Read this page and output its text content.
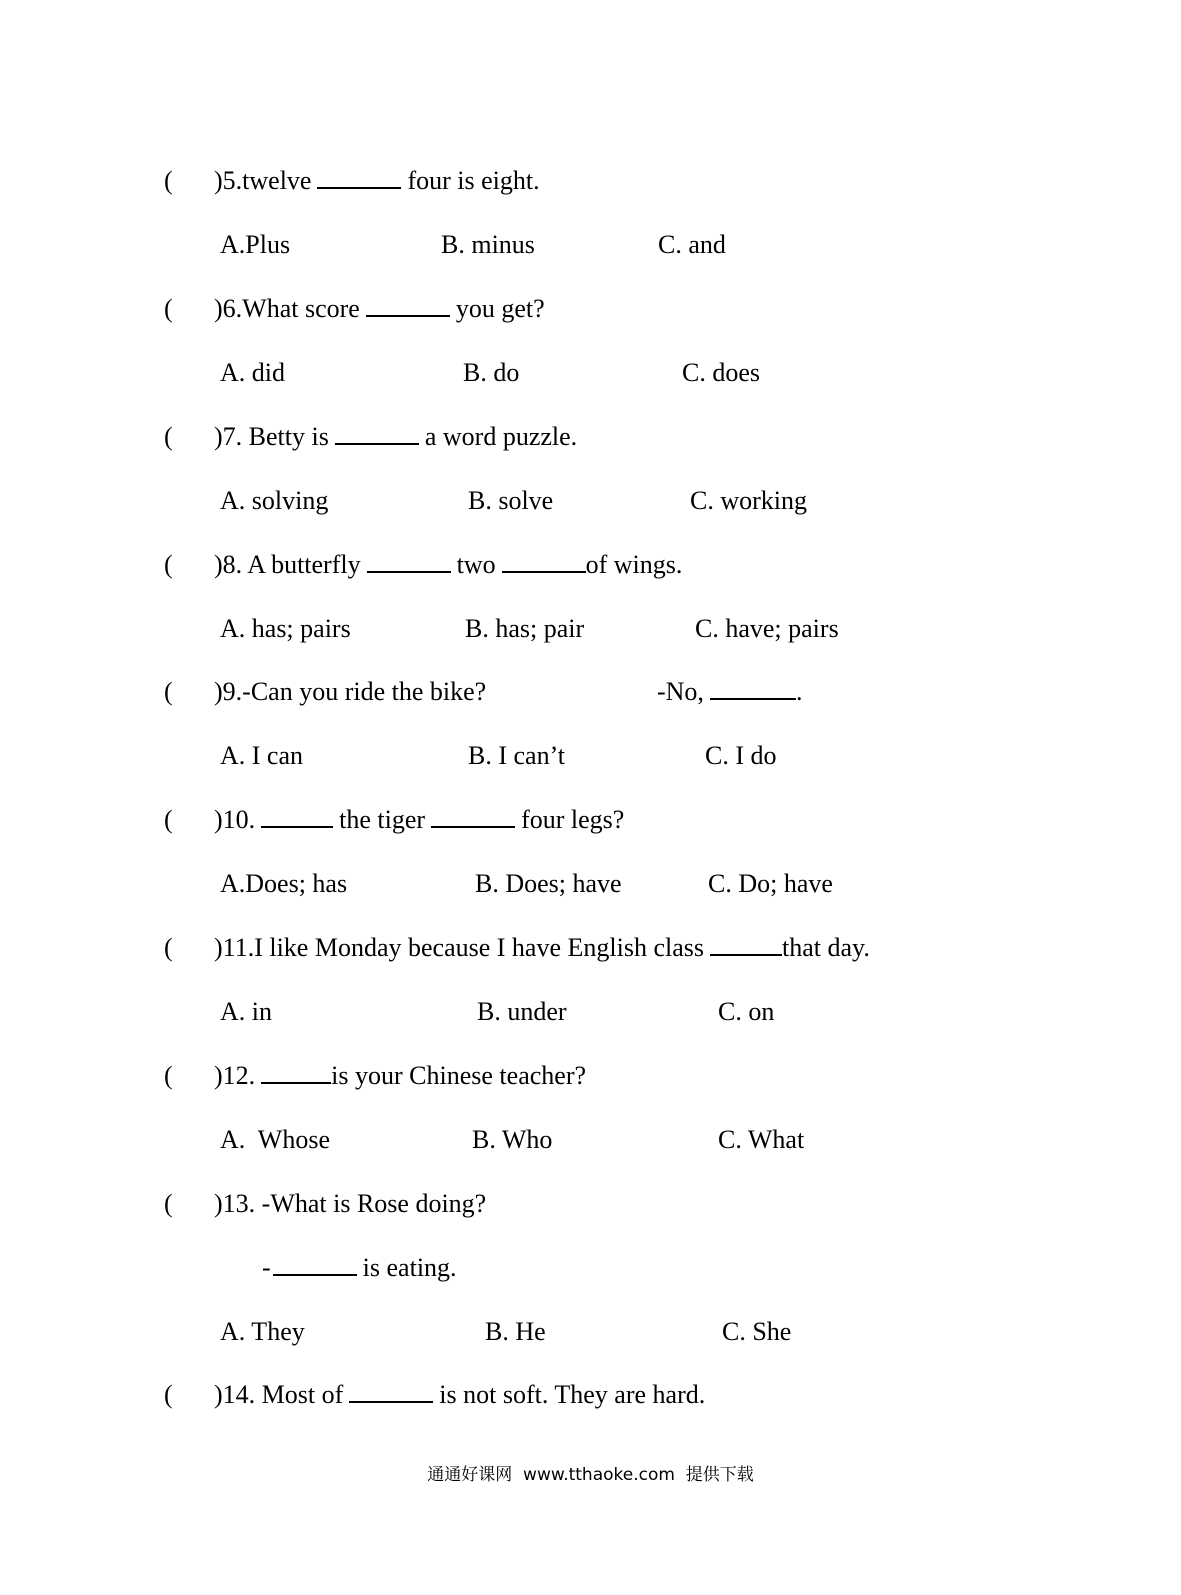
( )5.twelve	four is eight.
A.Plus	B. minus	C. and
( )6.What score	you get?
A. did	B. do	C. does
( )7. Betty is	a word puzzle.
A. solving	B. solve	C. working
( )8. A butterfly	two	of wings.
A. has; pairs	B. has; pair	C. have; pairs
( )9.-Can you ride the bike?	-No,	.
A. I can	B. I can’t	C. I do
( )10.	the tiger	four legs?
A.Does; has	B. Does; have	C. Do; have
( )11.I like Monday because I have English class	that day.
A. in	B. under	C. on
( )12.	is your Chinese teacher?
A.  Whose	B. Who	C. What
( )13. -What is Rose doing?
-	is eating.
A. They	B. He	C. She
( )14. Most of	is not soft. They are hard.
通通好课网  www.tthaoke.com  提供下载
